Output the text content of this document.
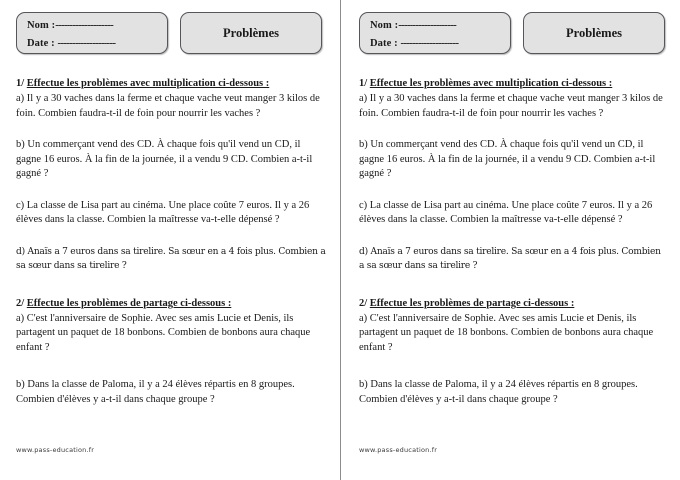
Nom :--------------------
Date : --------------------
Problèmes
1/ Effectue les problèmes avec multiplication ci-dessous :

a) Il y a 30 vaches dans la ferme et chaque vache veut manger 3 kilos de foin. Combien faudra-t-il de foin pour nourrir les vaches ?

b) Un commerçant vend des CD. À chaque fois qu'il vend un CD, il gagne 16 euros. À la fin de la journée, il a vendu 9 CD. Combien a-t-il gagné ?

c) La classe de Lisa part au cinéma. Une place coûte 7 euros. Il y a 26 élèves dans la classe. Combien la maîtresse va-t-elle dépensé ?

d) Anaïs a 7 euros dans sa tirelire. Sa sœur en a 4 fois plus. Combien a sa sœur dans sa tirelire ?

2/ Effectue les problèmes de partage ci-dessous :

a) C'est l'anniversaire de Sophie. Avec ses amis Lucie et Denis, ils partagent un paquet de 18 bonbons. Combien de bonbons aura chaque enfant ?

b) Dans la classe de Paloma, il y a 24 élèves répartis en 8 groupes. Combien d'élèves y a-t-il dans chaque groupe ?

www.pass-education.fr
Nom :--------------------
Date : --------------------
Problèmes
1/ Effectue les problèmes avec multiplication ci-dessous :

a) Il y a 30 vaches dans la ferme et chaque vache veut manger 3 kilos de foin. Combien faudra-t-il de foin pour nourrir les vaches ?

b) Un commerçant vend des CD. À chaque fois qu'il vend un CD, il gagne 16 euros. À la fin de la journée, il a vendu 9 CD. Combien a-t-il gagné ?

c) La classe de Lisa part au cinéma. Une place coûte 7 euros. Il y a 26 élèves dans la classe. Combien la maîtresse va-t-elle dépensé ?

d) Anaïs a 7 euros dans sa tirelire. Sa sœur en a 4 fois plus. Combien a sa sœur dans sa tirelire ?

2/ Effectue les problèmes de partage ci-dessous :

a) C'est l'anniversaire de Sophie. Avec ses amis Lucie et Denis, ils partagent un paquet de 18 bonbons. Combien de bonbons aura chaque enfant ?

b) Dans la classe de Paloma, il y a 24 élèves répartis en 8 groupes. Combien d'élèves y a-t-il dans chaque groupe ?

www.pass-education.fr
